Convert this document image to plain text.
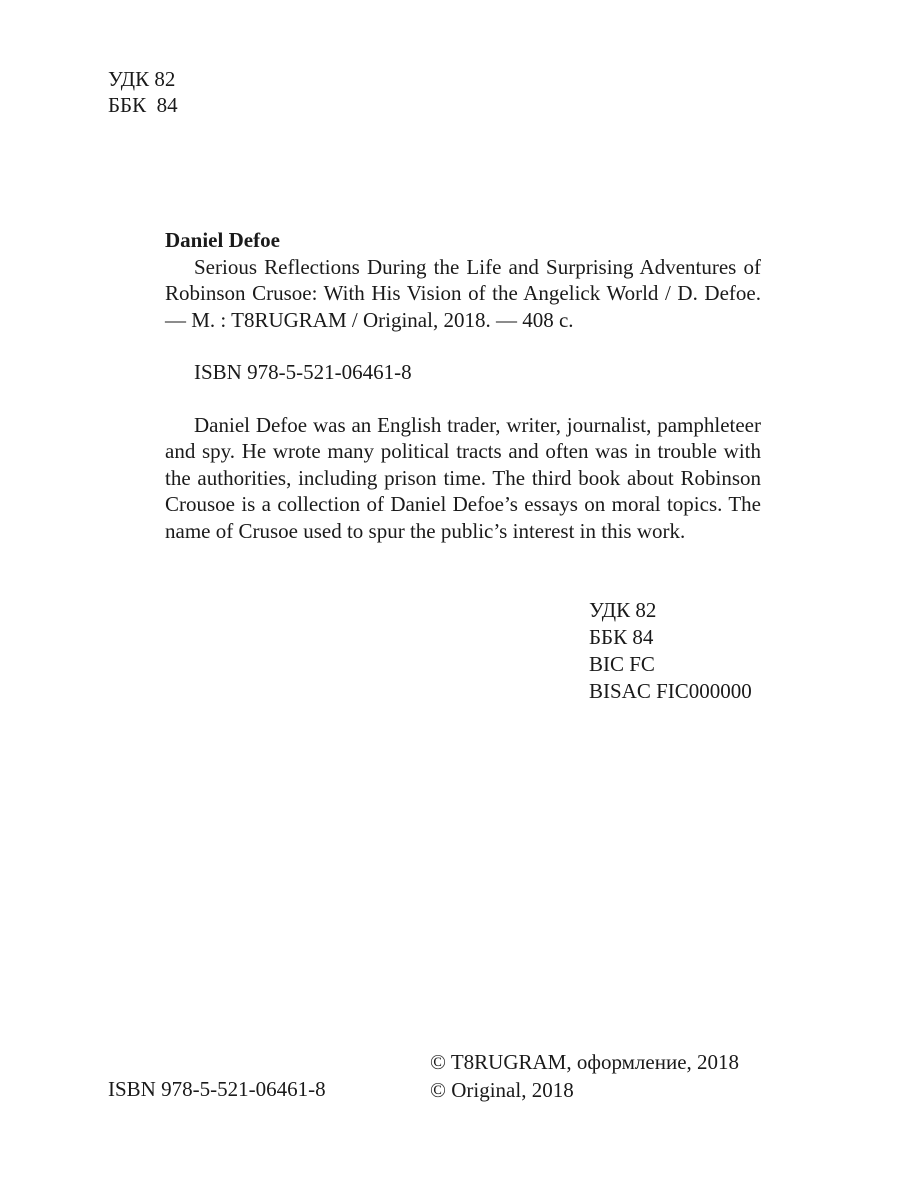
УДК 82
ББК  84
Daniel Defoe

Serious Reflections During the Life and Surprising Adventures of Robinson Crusoe: With His Vision of the Angelick World / D. Defoe. — M. : T8RUGRAM / Original, 2018. — 408 c.

ISBN 978-5-521-06461-8

Daniel Defoe was an English trader, writer, journalist, pamphleteer and spy. He wrote many political tracts and often was in trouble with the authorities, including prison time. The third book about Robinson Crousoe is a collection of Daniel Defoe’s essays on moral topics. The name of Crusoe used to spur the public’s interest in this work.

УДК 82
ББК 84
BIC FC
BISAC FIC000000
ISBN 978-5-521-06461-8
© T8RUGRAM, оформление, 2018
© Original, 2018
